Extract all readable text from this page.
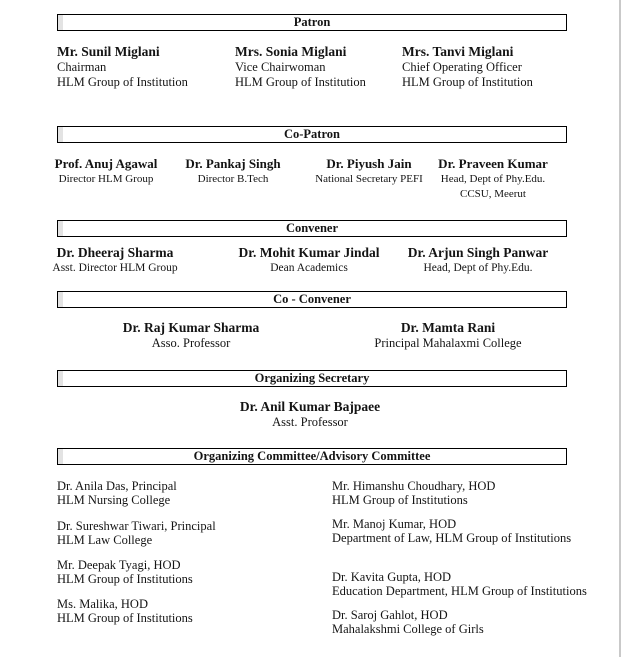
Patron
Mr. Sunil Miglani
Chairman
HLM Group of Institution
Mrs. Sonia Miglani
Vice Chairwoman
HLM Group of Institution
Mrs. Tanvi Miglani
Chief Operating Officer
HLM Group of Institution
Co-Patron
Prof. Anuj Agawal
Director HLM Group
Dr. Pankaj Singh
Director B.Tech
Dr. Piyush Jain
National Secretary PEFI
Dr. Praveen Kumar
Head, Dept of Phy.Edu.
CCSU, Meerut
Convener
Dr. Dheeraj Sharma
Asst. Director HLM Group
Dr. Mohit Kumar Jindal
Dean Academics
Dr. Arjun Singh Panwar
Head, Dept of Phy.Edu.
Co - Convener
Dr. Raj Kumar Sharma
Asso. Professor
Dr. Mamta Rani
Principal Mahalaxmi College
Organizing Secretary
Dr. Anil Kumar Bajpaee
Asst. Professor
Organizing Committee/Advisory Committee
Dr. Anila Das, Principal
HLM Nursing College
Dr. Sureshwar Tiwari, Principal
HLM Law College
Mr. Deepak Tyagi, HOD
HLM Group of Institutions
Ms. Malika, HOD
HLM Group of Institutions
Mr. Himanshu Choudhary, HOD
HLM Group of Institutions
Mr. Manoj Kumar, HOD
Department of Law, HLM Group of Institutions
Dr. Kavita Gupta, HOD
Education Department, HLM Group of Institutions
Dr. Saroj Gahlot, HOD
Mahalakshmi College of Girls
